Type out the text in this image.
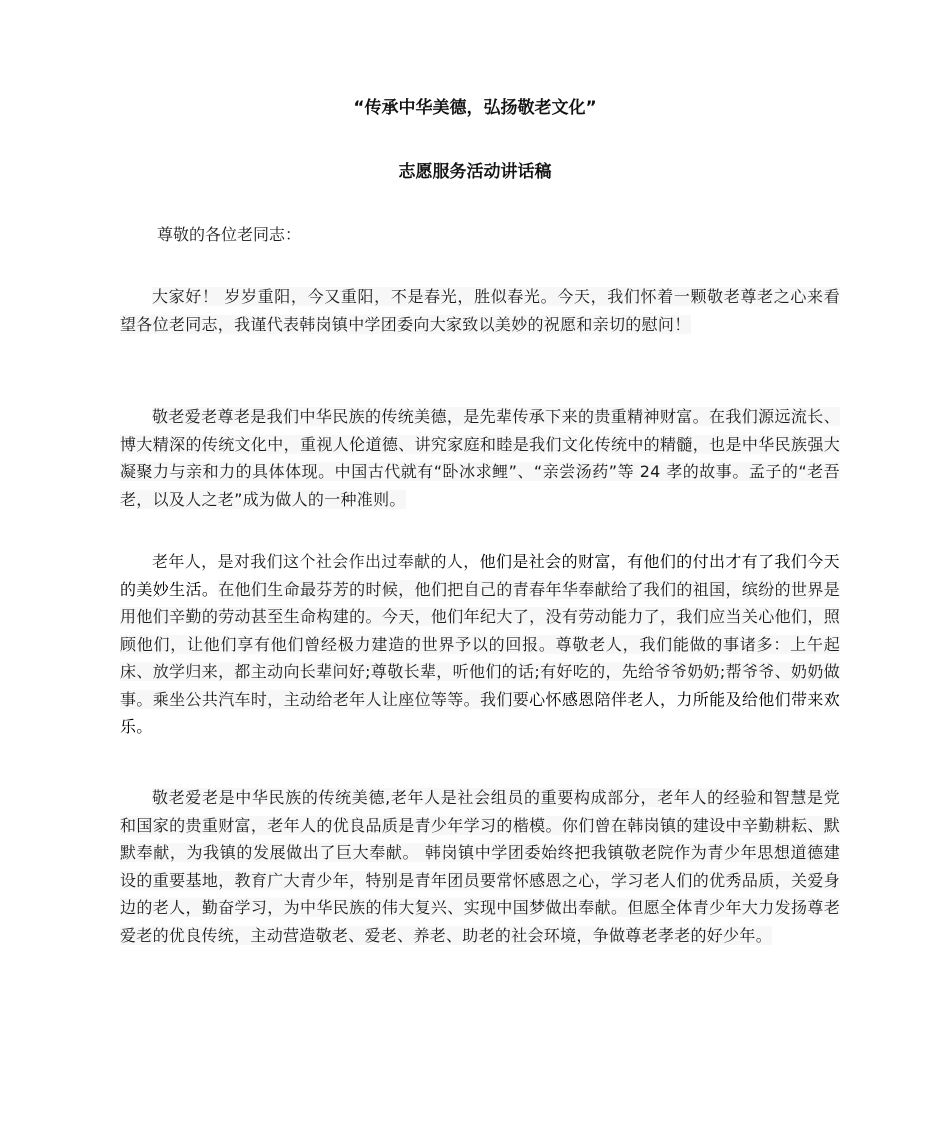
“传承中华美德，弘扬敬老文化”
志愿服务活动讲话稿
尊敬的各位老同志：

大家好！ 岁岁重阳，今又重阳，不是春光，胜似春光。今天，我们怀着一颗敬老尊老之心来看望各位老同志，我谨代表韩岗镇中学团委向大家致以美妙的祝愿和亲切的慰问！

敬老爱老尊老是我们中华民族的传统美德，是先辈传承下来的贵重精神财富。在我们源远流长、博大精深的传统文化中，重视人伦道德、讲究家庭和睦是我们文化传统中的精髓，也是中华民族强大凝聚力与亲和力的具体体现。中国古代就有“卧冰求鲤”、“亲尝汤药”等 24 孝的故事。孟子的“老吾老，以及人之老”成为做人的一种准则。

老年人，是对我们这个社会作出过奉献的人，他们是社会的财富，有他们的付出才有了我们今天的美妙生活。在他们生命最芬芳的时候，他们把自己的青春年华奉献给了我们的祖国，缤纷的世界是用他们辛勤的劳动甚至生命构建的。今天，他们年纪大了，没有劳动能力了，我们应当关心他们，照顾他们，让他们享有他们曾经极力建造的世界予以的回报。尊敬老人，我们能做的事诸多：上午起床、放学归来，都主动向长辈问好;尊敬长辈，听他们的话;有好吃的，先给爷爷奶奶;帮爷爷、奶奶做事。乘坐公共汽车时，主动给老年人让座位等等。我们要心怀感恩陪伴老人，力所能及给他们带来欢乐。

敬老爱老是中华民族的传统美德,老年人是社会组员的重要构成部分，老年人的经验和智慧是党和国家的贵重财富，老年人的优良品质是青少年学习的楷模。你们曾在韩岗镇的建设中辛勤耕耘、默默奉献，为我镇的发展做出了巨大奉献。 韩岗镇中学团委始终把我镇敬老院作为青少年思想道德建设的重要基地，教育广大青少年，特别是青年团员要常怀感恩之心，学习老人们的优秀品质，关爱身边的老人，勤奋学习，为中华民族的伟大复兴、实现中国梦做出奉献。但愿全体青少年大力发扬尊老爱老的优良传统，主动营造敬老、爱老、养老、助老的社会环境，争做尊老孝老的好少年。
